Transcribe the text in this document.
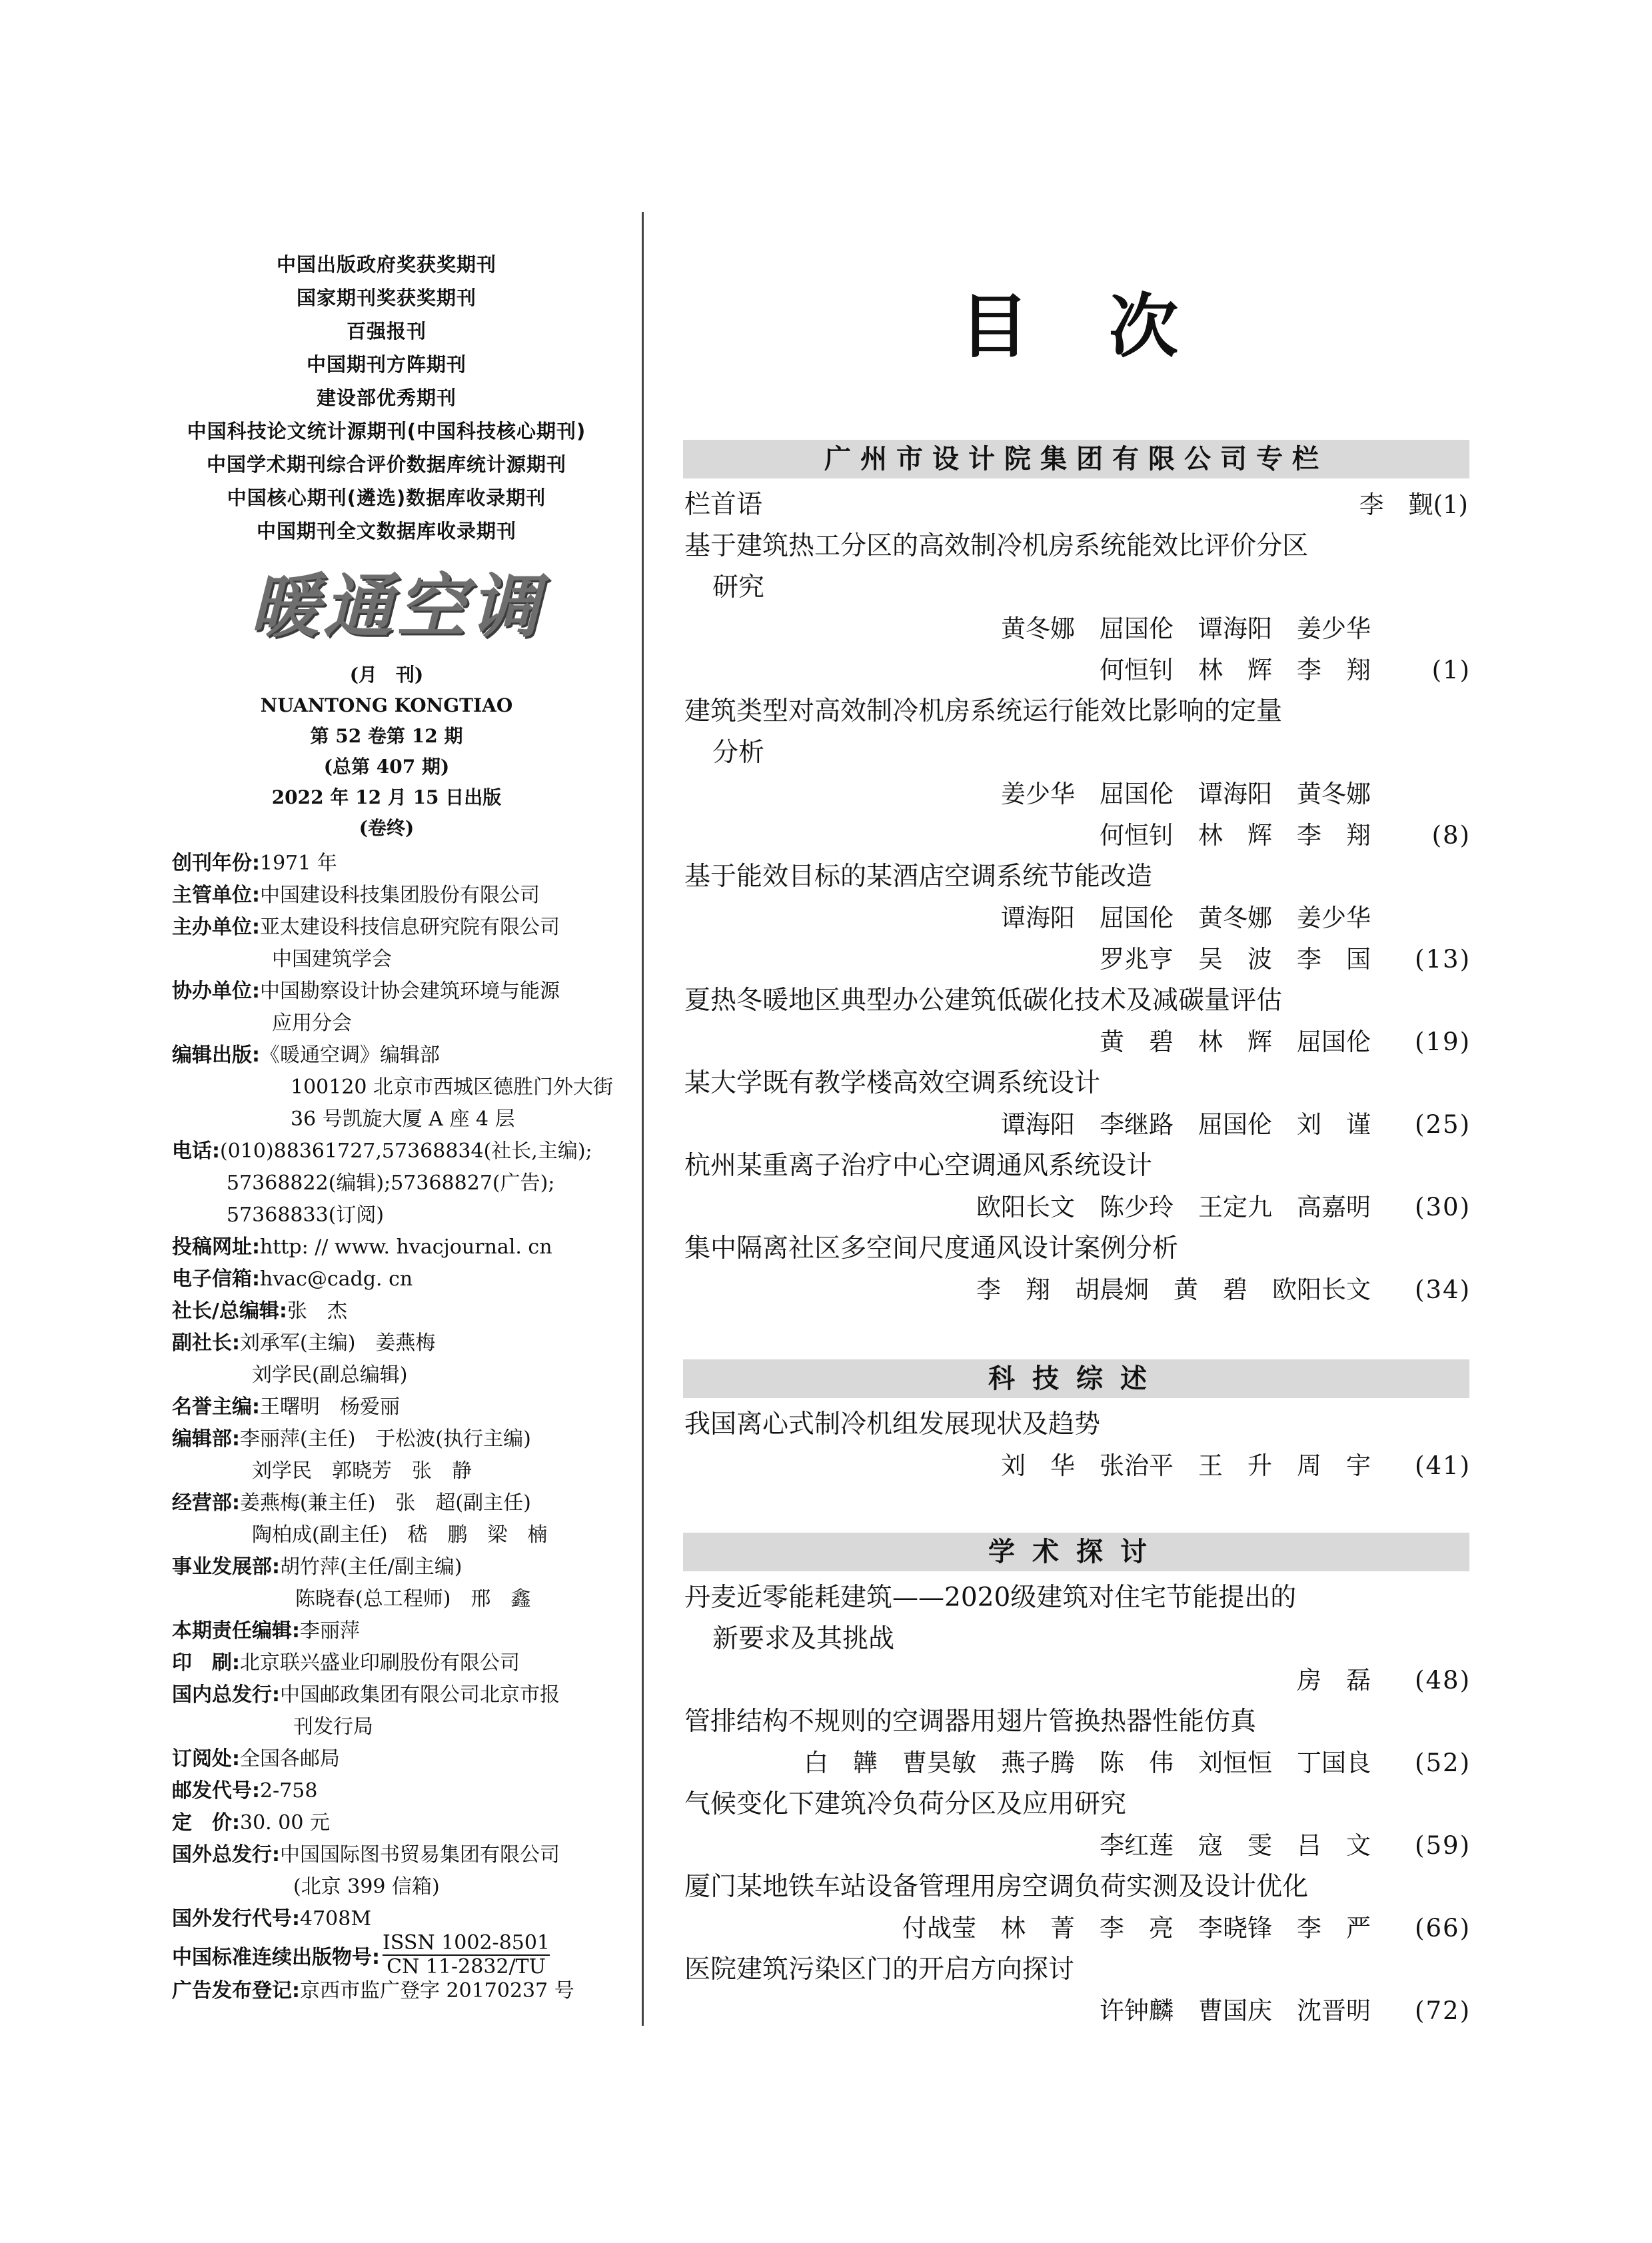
中国出版政府奖获奖期刊
国家期刊奖获奖期刊
百强报刊
中国期刊方阵期刊
建设部优秀期刊
中国科技论文统计源期刊(中国科技核心期刊)
中国学术期刊综合评价数据库统计源期刊
中国核心期刊(遴选)数据库收录期刊
中国期刊全文数据库收录期刊
暖通空调
(月　刊)
NUANTONG KONGTIAO
第 52 卷第 12 期
(总第 407 期)
2022 年 12 月 15 日出版
(卷终)
创刊年份:1971 年
主管单位:中国建设科技集团股份有限公司
主办单位:亚太建设科技信息研究院有限公司
中国建筑学会
协办单位:中国勘察设计协会建筑环境与能源
应用分会
编辑出版:《暖通空调》编辑部
100120 北京市西城区德胜门外大街
36 号凯旋大厦 A 座 4 层
电话:(010)88361727,57368834(社长,主编);
57368822(编辑);57368827(广告);
57368833(订阅)
投稿网址:http: // www. hvacjournal. cn
电子信箱:hvac@cadg. cn
社长/总编辑:张　杰
副社长:刘承军(主编)　姜燕梅
刘学民(副总编辑)
名誉主编:王曙明　杨爱丽
编辑部:李丽萍(主任)　于松波(执行主编)
刘学民　郭晓芳　张　静
经营部:姜燕梅(兼主任)　张　超(副主任)
陶柏成(副主任)　嵇　鹏　梁　楠
事业发展部:胡竹萍(主任/副主编)
陈晓春(总工程师)　邢　鑫
本期责任编辑:李丽萍
印　刷:北京联兴盛业印刷股份有限公司
国内总发行:中国邮政集团有限公司北京市报
刊发行局
订阅处:全国各邮局
邮发代号:2-758
定　价:30. 00 元
国外总发行:中国国际图书贸易集团有限公司
(北京 399 信箱)
国外发行代号:4708M
中国标准连续出版物号:
ISSN 1002-8501
CN 11-2832/TU
广告发布登记:京西市监广登字 20170237 号
目次
广州市设计院集团有限公司专栏
栏首语	李　觐(1)
基于建筑热工分区的高效制冷机房系统能效比评价分区
研究
黄冬娜　屈国伦　谭海阳　姜少华
何恒钊　林　辉　李　翔 (1)
建筑类型对高效制冷机房系统运行能效比影响的定量
分析
姜少华　屈国伦　谭海阳　黄冬娜
何恒钊　林　辉　李　翔 (8)
基于能效目标的某酒店空调系统节能改造
谭海阳　屈国伦　黄冬娜　姜少华
罗兆亨　吴　波　李　国 (13)
夏热冬暖地区典型办公建筑低碳化技术及减碳量评估
黄　碧　林　辉　屈国伦 (19)
某大学既有教学楼高效空调系统设计
谭海阳　李继路　屈国伦　刘　谨 (25)
杭州某重离子治疗中心空调通风系统设计
欧阳长文　陈少玲　王定九　高嘉明 (30)
集中隔离社区多空间尺度通风设计案例分析
李　翔　胡晨炯　黄　碧　欧阳长文 (34)
科技综述
我国离心式制冷机组发展现状及趋势
刘　华　张治平　王　升　周　宇 (41)
学术探讨
丹麦近零能耗建筑——2020级建筑对住宅节能提出的
新要求及其挑战
房　磊 (48)
管排结构不规则的空调器用翅片管换热器性能仿真
白　韡　曹昊敏　燕子腾　陈　伟　刘恒恒　丁国良 (52)
气候变化下建筑冷负荷分区及应用研究
李红莲　寇　雯　吕　文 (59)
厦门某地铁车站设备管理用房空调负荷实测及设计优化
付战莹　林　菁　李　亮　李晓锋　李　严 (66)
医院建筑污染区门的开启方向探讨
许钟麟　曹国庆　沈晋明 (72)
